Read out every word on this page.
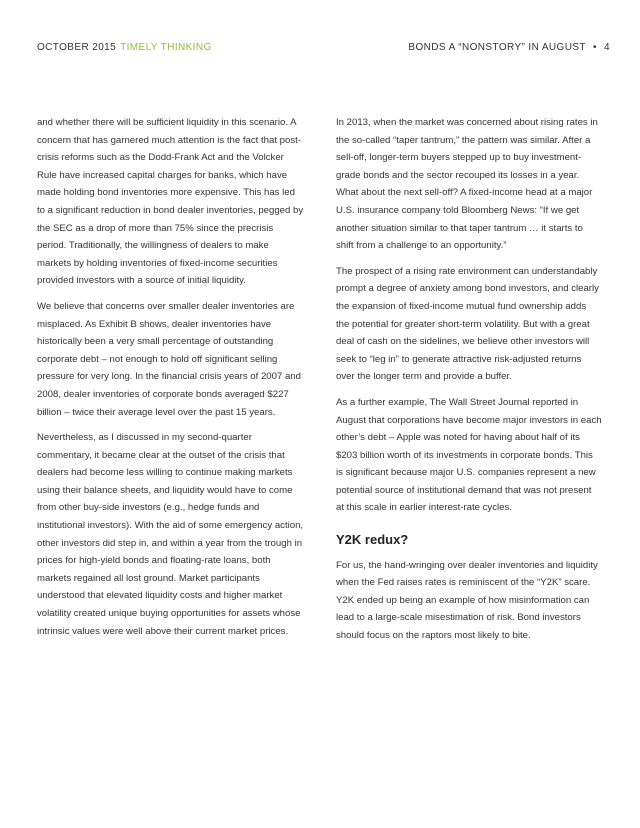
OCTOBER 2015 TIMELY THINKING	BONDS A “NONSTORY” IN AUGUST • 4

and whether there will be sufficient liquidity in this scenario. A concern that has garnered much attention is the fact that post-crisis reforms such as the Dodd-Frank Act and the Volcker Rule have increased capital charges for banks, which have made holding bond inventories more expensive. This has led to a significant reduction in bond dealer inventories, pegged by the SEC as a drop of more than 75% since the precrisis period. Traditionally, the willingness of dealers to make markets by holding inventories of fixed-income securities provided investors with a source of initial liquidity.

We believe that concerns over smaller dealer inventories are misplaced. As Exhibit B shows, dealer inventories have historically been a very small percentage of outstanding corporate debt – not enough to hold off significant selling pressure for very long. In the financial crisis years of 2007 and 2008, dealer inventories of corporate bonds averaged $227 billion – twice their average level over the past 15 years.

Nevertheless, as I discussed in my second-quarter commentary, it became clear at the outset of the crisis that dealers had become less willing to continue making markets using their balance sheets, and liquidity would have to come from other buy-side investors (e.g., hedge funds and institutional investors). With the aid of some emergency action, other investors did step in, and within a year from the trough in prices for high-yield bonds and floating-rate loans, both markets regained all lost ground. Market participants understood that elevated liquidity costs and higher market volatility created unique buying opportunities for assets whose intrinsic values were well above their current market prices.

In 2013, when the market was concerned about rising rates in the so-called “taper tantrum,” the pattern was similar. After a sell-off, longer-term buyers stepped up to buy investment-grade bonds and the sector recouped its losses in a year. What about the next sell-off? A fixed-income head at a major U.S. insurance company told Bloomberg News: “If we get another situation similar to that taper tantrum … it starts to shift from a challenge to an opportunity.”

The prospect of a rising rate environment can understandably prompt a degree of anxiety among bond investors, and clearly the expansion of fixed-income mutual fund ownership adds the potential for greater short-term volatility. But with a great deal of cash on the sidelines, we believe other investors will seek to “leg in” to generate attractive risk-adjusted returns over the longer term and provide a buffer.

As a further example, The Wall Street Journal reported in August that corporations have become major investors in each other’s debt – Apple was noted for having about half of its $203 billion worth of its investments in corporate bonds. This is significant because major U.S. companies represent a new potential source of institutional demand that was not present at this scale in earlier interest-rate cycles.

Y2K redux?

For us, the hand-wringing over dealer inventories and liquidity when the Fed raises rates is reminiscent of the “Y2K” scare. Y2K ended up being an example of how misinformation can lead to a large-scale misestimation of risk. Bond investors should focus on the raptors most likely to bite.
